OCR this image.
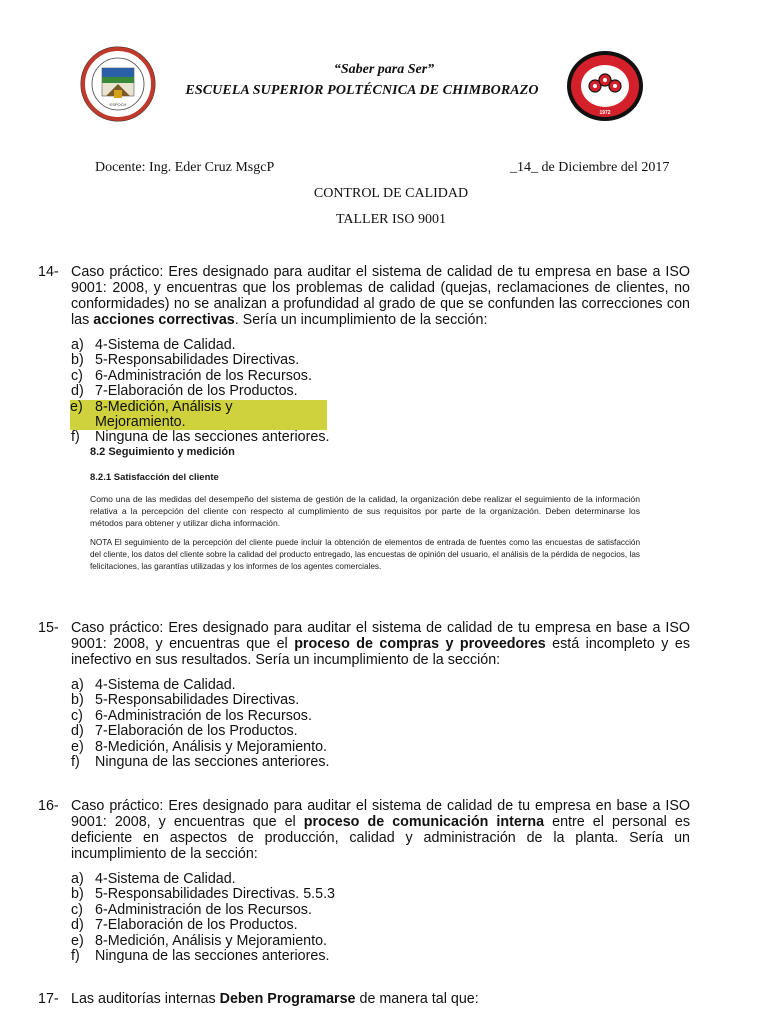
ESPOCH
“Saber para Ser”
ESCUELA SUPERIOR POLTÉCNICA DE CHIMBORAZO
1972
Docente: Ing. Eder Cruz MsgcP	_14_ de Diciembre del 2017
CONTROL DE CALIDAD
TALLER ISO 9001
14- Caso práctico: Eres designado para auditar el sistema de calidad de tu empresa en base a ISO 9001: 2008, y encuentras que los problemas de calidad (quejas, reclamaciones de clientes, no conformidades) no se analizan a profundidad al grado de que se confunden las correcciones con las acciones correctivas. Sería un incumplimiento de la sección:
a) 4-Sistema de Calidad.
b) 5-Responsabilidades Directivas.
c) 6-Administración de los Recursos.
d) 7-Elaboración de los Productos.
e) 8-Medición, Análisis y Mejoramiento.
f) Ninguna de las secciones anteriores.
8.2 Seguimiento y medición
8.2.1 Satisfacción del cliente
Como una de las medidas del desempeño del sistema de gestión de la calidad, la organización debe realizar el seguimiento de la información relativa a la percepción del cliente con respecto al cumplimiento de sus requisitos por parte de la organización. Deben determinarse los métodos para obtener y utilizar dicha información.
NOTA El seguimiento de la percepción del cliente puede incluir la obtención de elementos de entrada de fuentes como las encuestas de satisfacción del cliente, los datos del cliente sobre la calidad del producto entregado, las encuestas de opinión del usuario, el análisis de la pérdida de negocios, las felicitaciones, las garantías utilizadas y los informes de los agentes comerciales.
15- Caso práctico: Eres designado para auditar el sistema de calidad de tu empresa en base a ISO 9001: 2008, y encuentras que el proceso de compras y proveedores está incompleto y es inefectivo en sus resultados. Sería un incumplimiento de la sección:
a) 4-Sistema de Calidad.
b) 5-Responsabilidades Directivas.
c) 6-Administración de los Recursos.
d) 7-Elaboración de los Productos.
e) 8-Medición, Análisis y Mejoramiento.
f) Ninguna de las secciones anteriores.
16- Caso práctico: Eres designado para auditar el sistema de calidad de tu empresa en base a ISO 9001: 2008, y encuentras que el proceso de comunicación interna entre el personal es deficiente en aspectos de producción, calidad y administración de la planta. Sería un incumplimiento de la sección:
a) 4-Sistema de Calidad.
b) 5-Responsabilidades Directivas. 5.5.3
c) 6-Administración de los Recursos.
d) 7-Elaboración de los Productos.
e) 8-Medición, Análisis y Mejoramiento.
f) Ninguna de las secciones anteriores.
17- Las auditorías internas Deben Programarse de manera tal que:
